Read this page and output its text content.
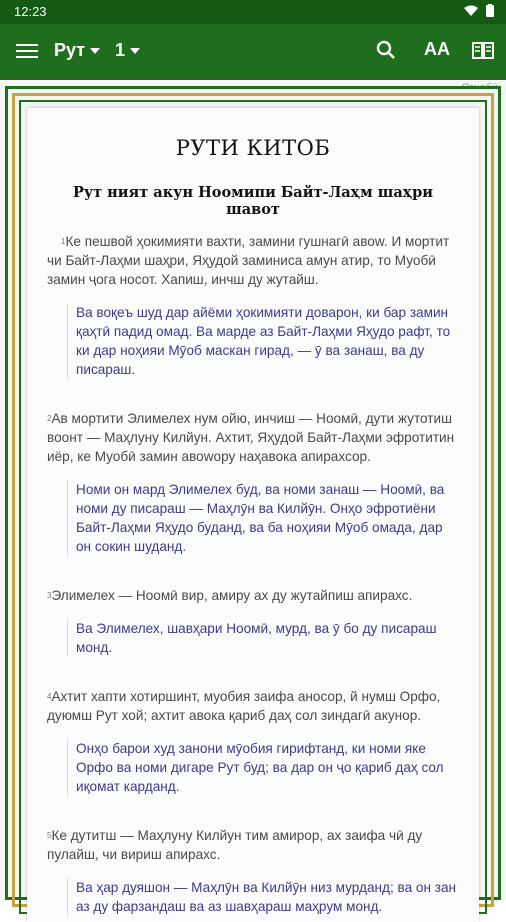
12:23
Рут	1	AA
РУТИ КИТОБ
Рут ният акун Ноомипи Байт-Лаҳм шаҳри шавот
$^1$Ке пешвой ҳокимияти вахти, замини гушнагӣ авоw. И мортит чи Байт-Лаҳми шаҳри, Яҳудой заминиса амун атир, то Муобӣ замин ҷога носот. Хапиш, инчш ду жутайш.
Ва воқеъ шуд дар айёми ҳокимияти доварон, ки бар замин қаҳтӣ падид омад. Ва марде аз Байт-Лаҳми Яҳудо рафт, то ки дар ноҳияи Мӯоб маскан гирад, — ӯ ва занаш, ва ду писараш.
$^2$Ав мортити Элимелех нум ойю, инчиш — Ноомӣ, дути жутотиш воонт — Маҳлуну Килйун. Ахтит, Яҳудой Байт-Лаҳми эфротитин иёр, ке Муобӣ замин авоwору наҳавока апирахсор.
Номи он мард Элимелех буд, ва номи занаш — Ноомӣ, ва номи ду писараш — Маҳлӯн ва Килйӯн. Онҳо эфротиёни Байт-Лаҳми Яҳудо буданд, ва ба ноҳияи Мӯоб омада, дар он сокин шуданд.
$^3$Элимелех — Ноомӣ вир, амиру ах ду жутайпиш апирахс.
Ва Элимелех, шавҳари Ноомӣ, мурд, ва ӯ бо ду писараш монд.
$^4$Ахтит хапти хотиршинт, муобия заифа аносор, й нумш Орфо, дуюмш Рут хой; ахтит авока қариб даҳ сол зиндагӣ акунор.
Онҳо барои худ занони мӯобия гирифтанд, ки номи яке Орфо ва номи дигаре Рут буд; ва дар он ҷо қариб даҳ сол иқомат карданд.
$^5$Ке дутитш — Маҳлуну Килйун тим амирор, ах заифа чӣ ду пулайш, чи вириш апирахс.
Ва ҳар дуяшон — Маҳлӯн ва Килйӯн низ мурданд; ва он зан аз ду фарзандаш ва аз шавҳараш маҳрум монд.
